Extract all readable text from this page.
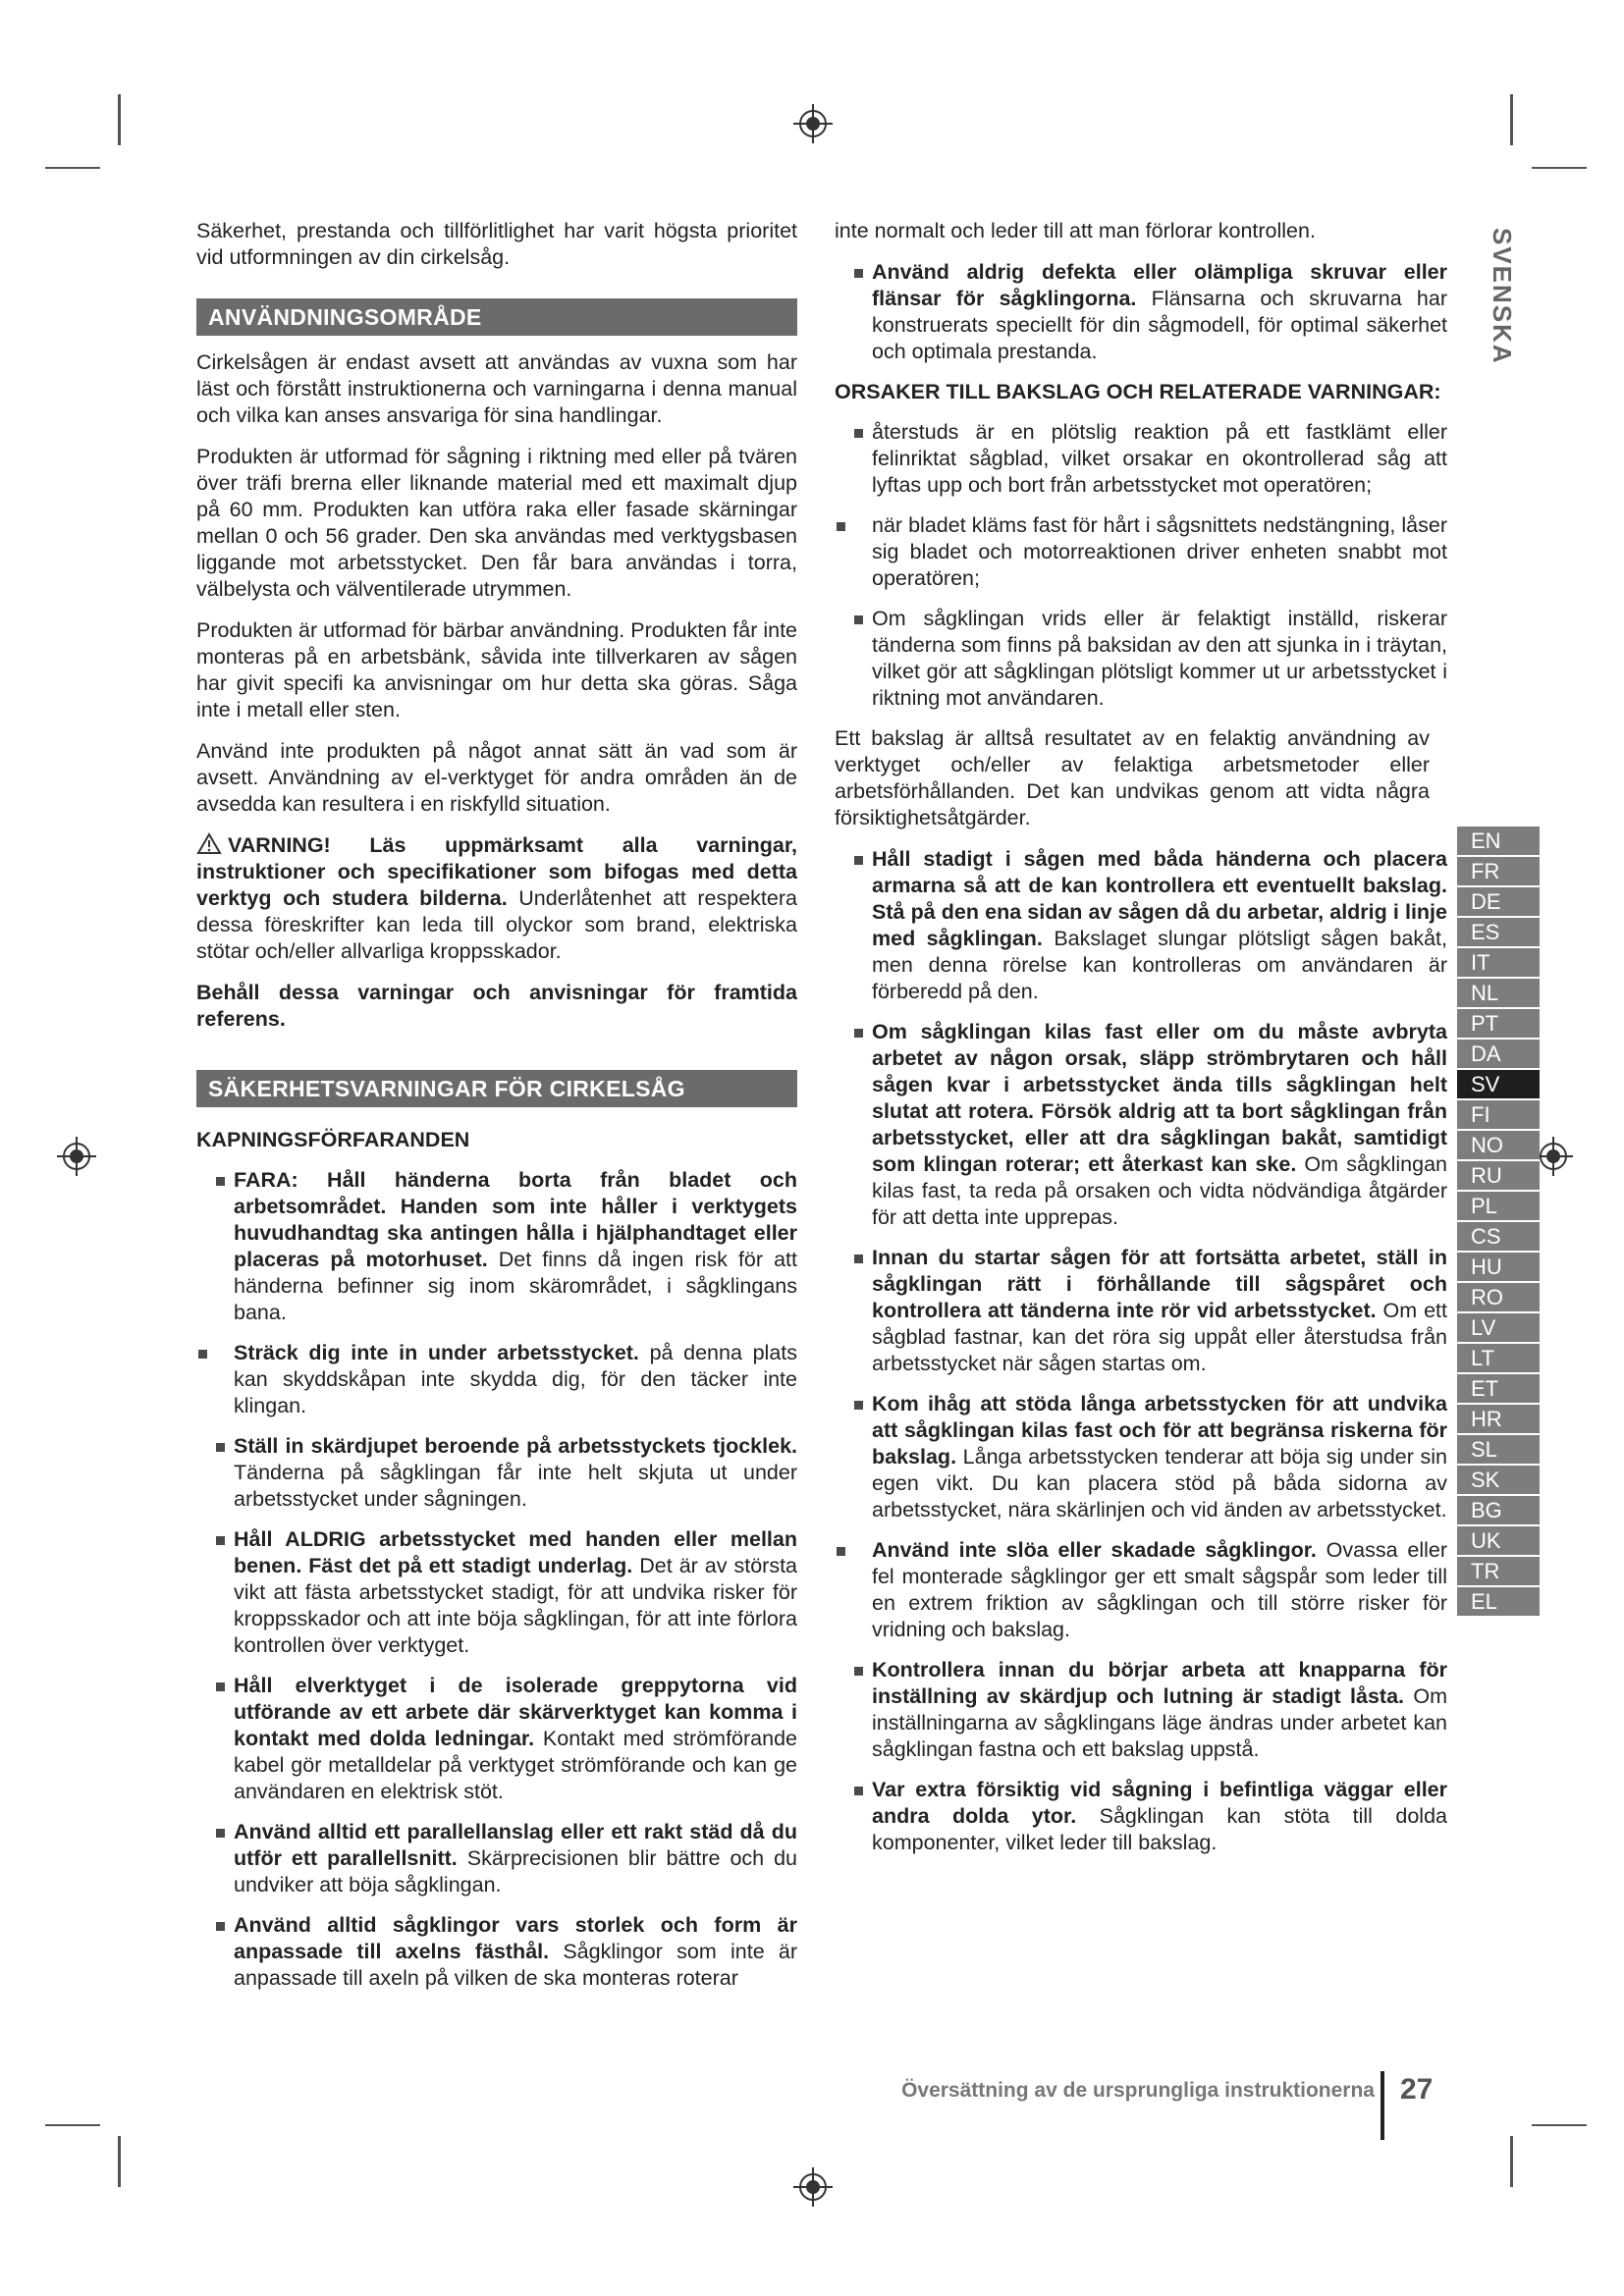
Säkerhet, prestanda och tillförlitlighet har varit högsta prioritet vid utformningen av din cirkelsåg.

ANVÄNDNINGSOMRÅDE

Cirkelsågen är endast avsett att användas av vuxna som har läst och förstått instruktionerna och varningarna i denna manual och vilka kan anses ansvariga för sina handlingar.

Produkten är utformad för sågning i riktning med eller på tvären över träfi brerna eller liknande material med ett maximalt djup på 60 mm. Produkten kan utföra raka eller fasade skärningar mellan 0 och 56 grader. Den ska användas med verktygsbasen liggande mot arbetsstycket. Den får bara användas i torra, välbelysta och välventilerade utrymmen.

Produkten är utformad för bärbar användning. Produkten får inte monteras på en arbetsbänk, såvida inte tillverkaren av sågen har givit specifi ka anvisningar om hur detta ska göras. Såga inte i metall eller sten.

Använd inte produkten på något annat sätt än vad som är avsett. Användning av el-verktyget för andra områden än de avsedda kan resultera i en riskfylld situation.

VARNING! Läs uppmärksamt alla varningar, instruktioner och specifikationer som bifogas med detta verktyg och studera bilderna. Underlåtenhet att respektera dessa föreskrifter kan leda till olyckor som brand, elektriska stötar och/eller allvarliga kroppsskador.

Behåll dessa varningar och anvisningar för framtida referens.

SÄKERHETSVARNINGAR FÖR CIRKELSÅG
KAPNINGSFÖRFARANDEN
FARA: Håll händerna borta från bladet och arbetsområdet. Handen som inte håller i verktygets huvudhandtag ska antingen hålla i hjälphandtaget eller placeras på motorhuset. Det finns då ingen risk för att händerna befinner sig inom skärområdet, i sågklingans bana.
Sträck dig inte in under arbetsstycket. på denna plats kan skyddskåpan inte skydda dig, för den täcker inte klingan.
Ställ in skärdjupet beroende på arbetsstyckets tjocklek. Tänderna på sågklingan får inte helt skjuta ut under arbetsstycket under sågningen.
Håll ALDRIG arbetsstycket med handen eller mellan benen. Fäst det på ett stadigt underlag. Det är av största vikt att fästa arbetsstycket stadigt, för att undvika risker för kroppsskador och att inte böja sågklingan, för att inte förlora kontrollen över verktyget.
Håll elverktyget i de isolerade greppytorna vid utförande av ett arbete där skärverktyget kan komma i kontakt med dolda ledningar. Kontakt med strömförande kabel gör metalldelar på verktyget strömförande och kan ge användaren en elektrisk stöt.
Använd alltid ett parallellanslag eller ett rakt städ då du utför ett parallellsnitt. Skärprecisionen blir bättre och du undviker att böja sågklingan.
Använd alltid sågklingor vars storlek och form är anpassade till axelns fästhål. Sågklingor som inte är anpassade till axeln på vilken de ska monteras roterar

inte normalt och leder till att man förlorar kontrollen.

Använd aldrig defekta eller olämpliga skruvar eller flänsar för sågklingorna. Flänsarna och skruvarna har konstruerats speciellt för din sågmodell, för optimal säkerhet och optimala prestanda.
ORSAKER TILL BAKSLAG OCH RELATERADE VARNINGAR:
återstuds är en plötslig reaktion på ett fastklämt eller felinriktat sågblad, vilket orsakar en okontrollerad såg att lyftas upp och bort från arbetsstycket mot operatören;
när bladet kläms fast för hårt i sågsnittets nedstängning, låser sig bladet och motorreaktionen driver enheten snabbt mot operatören;
Om sågklingan vrids eller är felaktigt inställd, riskerar tänderna som finns på baksidan av den att sjunka in i träytan, vilket gör att sågklingan plötsligt kommer ut ur arbetsstycket i riktning mot användaren.

Ett bakslag är alltså resultatet av en felaktig användning av verktyget och/eller av felaktiga arbetsmetoder eller arbetsförhållanden. Det kan undvikas genom att vidta några försiktighetsåtgärder.

Håll stadigt i sågen med båda händerna och placera armarna så att de kan kontrollera ett eventuellt bakslag. Stå på den ena sidan av sågen då du arbetar, aldrig i linje med sågklingan. Bakslaget slungar plötsligt sågen bakåt, men denna rörelse kan kontrolleras om användaren är förberedd på den.
Om sågklingan kilas fast eller om du måste avbryta arbetet av någon orsak, släpp strömbrytaren och håll sågen kvar i arbetsstycket ända tills sågklingan helt slutat att rotera. Försök aldrig att ta bort sågklingan från arbetsstycket, eller att dra sågklingan bakåt, samtidigt som klingan roterar; ett återkast kan ske. Om sågklingan kilas fast, ta reda på orsaken och vidta nödvändiga åtgärder för att detta inte upprepas.
Innan du startar sågen för att fortsätta arbetet, ställ in sågklingan rätt i förhållande till sågspåret och kontrollera att tänderna inte rör vid arbetsstycket. Om ett sågblad fastnar, kan det röra sig uppåt eller återstudsa från arbetsstycket när sågen startas om.
Kom ihåg att stöda långa arbetsstycken för att undvika att sågklingan kilas fast och för att begränsa riskerna för bakslag. Långa arbetsstycken tenderar att böja sig under sin egen vikt. Du kan placera stöd på båda sidorna av arbetsstycket, nära skärlinjen och vid änden av arbetsstycket.
Använd inte slöa eller skadade sågklingor. Ovassa eller fel monterade sågklingor ger ett smalt sågspår som leder till en extrem friktion av sågklingan och till större risker för vridning och bakslag.
Kontrollera innan du börjar arbeta att knapparna för inställning av skärdjup och lutning är stadigt låsta. Om inställningarna av sågklingans läge ändras under arbetet kan sågklingan fastna och ett bakslag uppstå.
Var extra försiktig vid sågning i befintliga väggar eller andra dolda ytor. Sågklingan kan stöta till dolda komponenter, vilket leder till bakslag.
SVENSKA
EN
FR
DE
ES
IT
NL
PT
DA
SV
FI
NO
RU
PL
CS
HU
RO
LV
LT
ET
HR
SL
SK
BG
UK
TR
EL
Översättning av de ursprungliga instruktionerna 27
